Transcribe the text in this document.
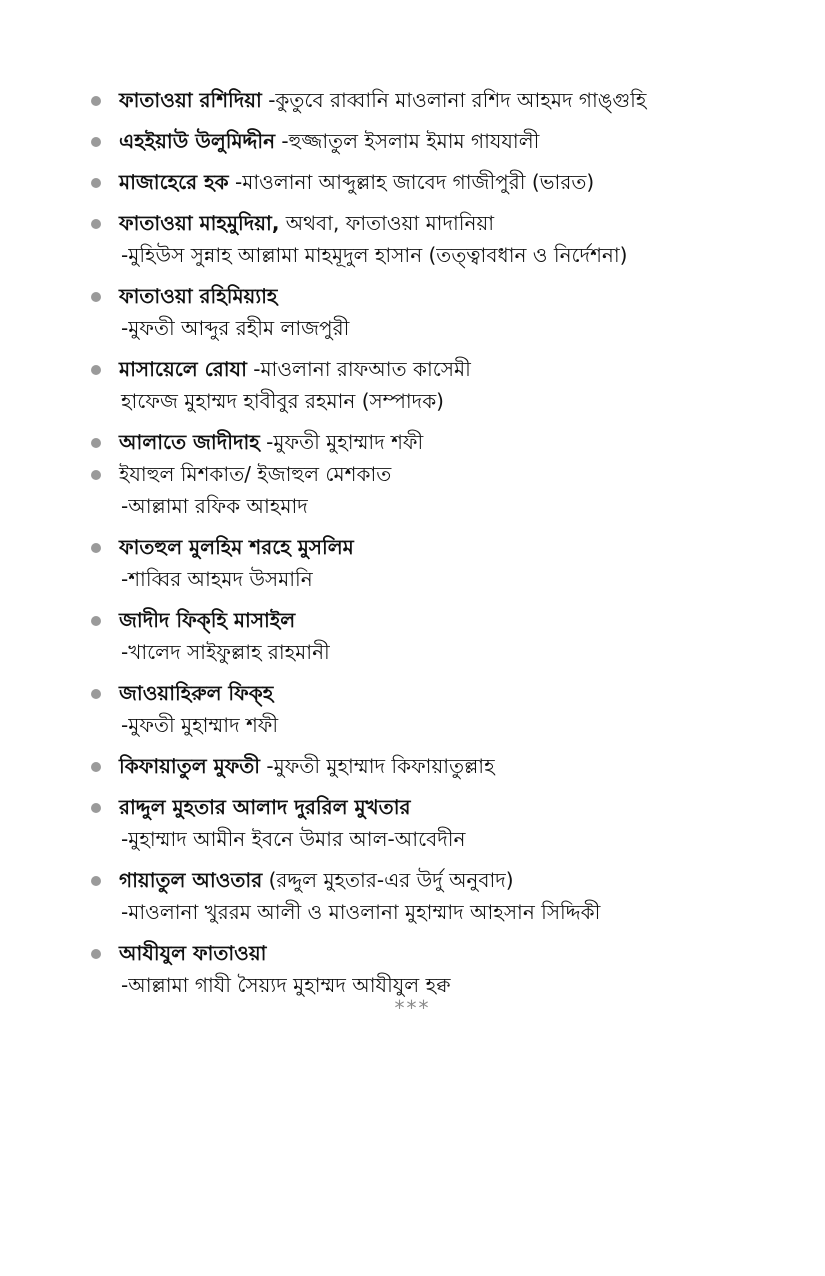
ফাতাওয়া রশিদিয়া -কুতুবে রাব্বানি মাওলানা রশিদ আহমদ গাঙ্গুহি
এহইয়াউ উলুমিদ্দীন -হুজ্জাতুল ইসলাম ইমাম গাযযালী
মাজাহেরে হক -মাওলানা আব্দুল্লাহ জাবেদ গাজীপুরী (ভারত)
ফাতাওয়া মাহমুদিয়া, অথবা, ফাতাওয়া মাদানিয়া
-মুহিউস সুন্নাহ আল্লামা মাহমূদুল হাসান (তত্ত্বাবধান ও নির্দেশনা)
ফাতাওয়া রহিমিয়্যাহ
-মুফতী আব্দুর রহীম লাজপুরী
মাসায়েলে রোযা -মাওলানা রাফআত কাসেমী
হাফেজ মুহাম্মদ হাবীবুর রহমান (সম্পাদক)
আলাতে জাদীদাহ -মুফতী মুহাম্মাদ শফী
ইযাহুল মিশকাত/ ইজাহুল মেশকাত
-আল্লামা রফিক আহমাদ
ফাতহুল মুলহিম শরহে মুসলিম
-শাব্বির আহমদ উসমানি
জাদীদ ফিক্‌হি মাসাইল
-খালেদ সাইফুল্লাহ রাহমানী
জাওয়াহিরুল ফিক্‌হ
-মুফতী মুহাম্মাদ শফী
কিফায়াতুল মুফতী -মুফতী মুহাম্মাদ কিফায়াতুল্লাহ
রাদ্দুল মুহতার আলাদ দুররিল মুখতার
-মুহাম্মাদ আমীন ইবনে উমার আল-আবেদীন
গায়াতুল আওতার (রদ্দুল মুহতার-এর উর্দু অনুবাদ)
-মাওলানা খুররম আলী ও মাওলানা মুহাম্মাদ আহসান সিদ্দিকী
আযীযুল ফাতাওয়া
-আল্লামা গাযী সৈয়্যদ মুহাম্মদ আযীযুল হক্ব
***
